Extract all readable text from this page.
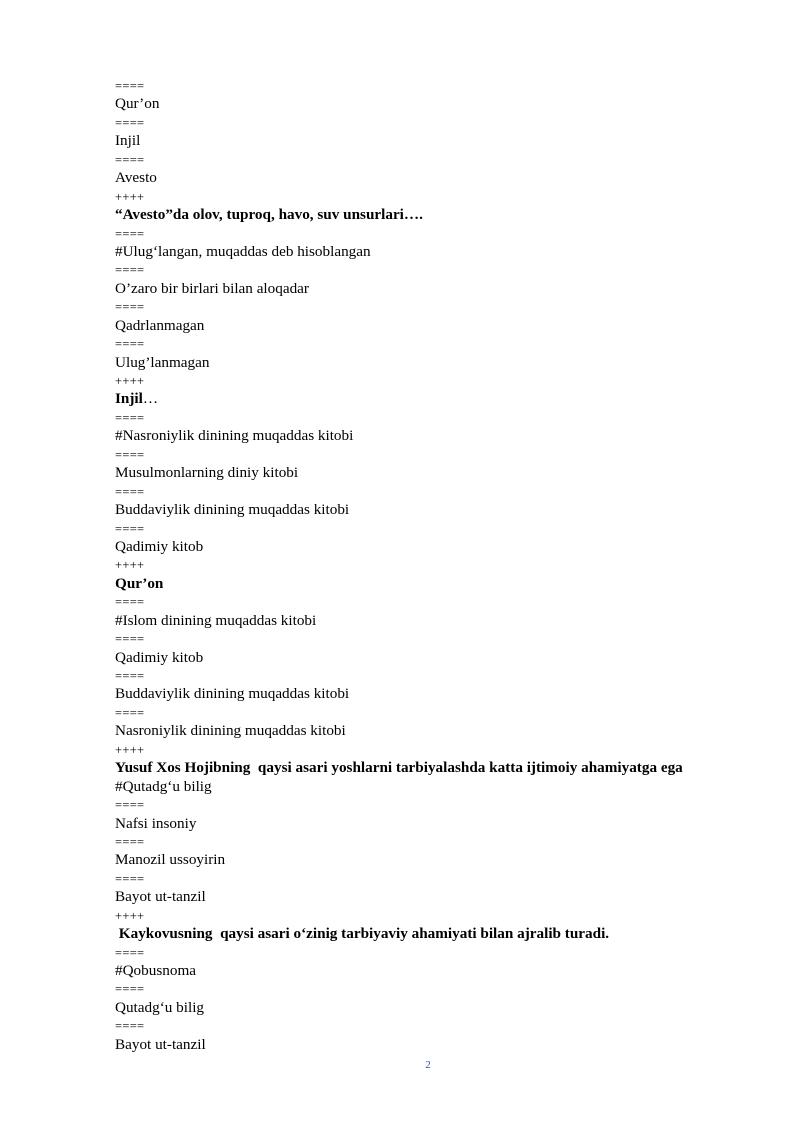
====
Qur’on
====
Injil
====
Avesto
++++
“Avesto”da olov, tuproq, havo, suv unsurlari….
====
#Ulug‘langan, muqaddas deb hisoblangan
====
O’zaro bir birlari bilan aloqadar
====
Qadrlanmagan
====
Ulug’lanmagan
++++
Injil…
====
#Nasroniylik dinining muqaddas kitobi
====
Musulmonlarning diniy kitobi
====
Buddaviylik dinining muqaddas kitobi
====
Qadimiy kitob
++++
Qur’on
====
#Islom dinining muqaddas kitobi
====
Qadimiy kitob
====
Buddaviylik dinining muqaddas kitobi
====
Nasroniylik dinining muqaddas kitobi
++++
Yusuf Xos Hojibning  qaysi asari yoshlarni tarbiyalashda katta ijtimoiy ahamiyatga ega
#Qutadg‘u bilig
====
Nafsi insoniy
====
Manozil ussoyirin
====
Bayot ut-tanzil
++++
Kaykovusning  qaysi asari o‘zinig tarbiyaviy ahamiyati bilan ajralib turadi.
====
#Qobusnoma
====
Qutadg‘u bilig
====
Bayot ut-tanzil
2
